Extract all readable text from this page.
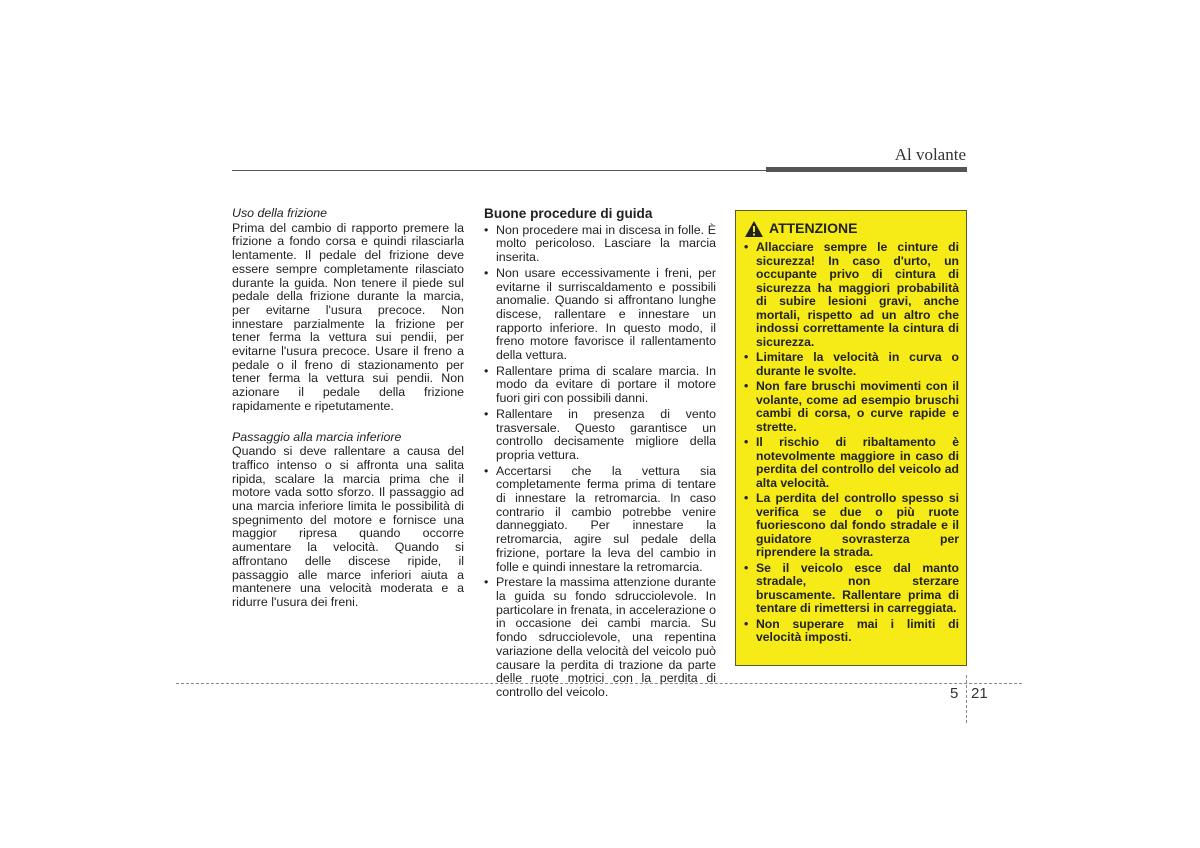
Al volante
Uso della frizione

Prima del cambio di rapporto premere la frizione a fondo corsa e quindi rilasciarla lentamente. Il pedale del frizione deve essere sempre completamente rilasciato durante la guida. Non tenere il piede sul pedale della frizione durante la marcia, per evitarne l'usura precoce. Non innestare parzialmente la frizione per tener ferma la vettura sui pendii, per evitarne l'usura precoce. Usare il freno a pedale o il freno di stazionamento per tener ferma la vettura sui pendii. Non azionare il pedale della frizione rapidamente e ripetutamente.

Passaggio alla marcia inferiore

Quando si deve rallentare a causa del traffico intenso o si affronta una salita ripida, scalare la marcia prima che il motore vada sotto sforzo. Il passaggio ad una marcia inferiore limita le possibilità di spegnimento del motore e fornisce una maggior ripresa quando occorre aumentare la velocità. Quando si affrontano delle discese ripide, il passaggio alle marce inferiori aiuta a mantenere una velocità moderata e a ridurre l'usura dei freni.

Buone procedure di guida
• Non procedere mai in discesa in folle. È molto pericoloso. Lasciare la marcia inserita.
• Non usare eccessivamente i freni, per evitarne il surriscaldamento e possibili anomalie. Quando si affrontano lunghe discese, rallentare e innestare un rapporto inferiore. In questo modo, il freno motore favorisce il rallentamento della vettura.
• Rallentare prima di scalare marcia. In modo da evitare di portare il motore fuori giri con possibili danni.
• Rallentare in presenza di vento trasversale. Questo garantisce un controllo decisamente migliore della propria vettura.
• Accertarsi che la vettura sia completamente ferma prima di tentare di innestare la retromarcia. In caso contrario il cambio potrebbe venire danneggiato. Per innestare la retromarcia, agire sul pedale della frizione, portare la leva del cambio in folle e quindi innestare la retromarcia.
• Prestare la massima attenzione durante la guida su fondo sdrucciolevole. In particolare in frenata, in accelerazione o in occasione dei cambi marcia. Su fondo sdrucciolevole, una repentina variazione della velocità del veicolo può causare la perdita di trazione da parte delle ruote motrici con la perdita di controllo del veicolo.
ATTENZIONE
• Allacciare sempre le cinture di sicurezza! In caso d'urto, un occupante privo di cintura di sicurezza ha maggiori probabilità di subire lesioni gravi, anche mortali, rispetto ad un altro che indossi correttamente la cintura di sicurezza.
• Limitare la velocità in curva o durante le svolte.
• Non fare bruschi movimenti con il volante, come ad esempio bruschi cambi di corsa, o curve rapide e strette.
• Il rischio di ribaltamento è notevolmente maggiore in caso di perdita del controllo del veicolo ad alta velocità.
• La perdita del controllo spesso si verifica se due o più ruote fuoriescono dal fondo stradale e il guidatore sovrasterza per riprendere la strada.
• Se il veicolo esce dal manto stradale, non sterzare bruscamente. Rallentare prima di tentare di rimettersi in carreggiata.
• Non superare mai i limiti di velocità imposti.
5 21
